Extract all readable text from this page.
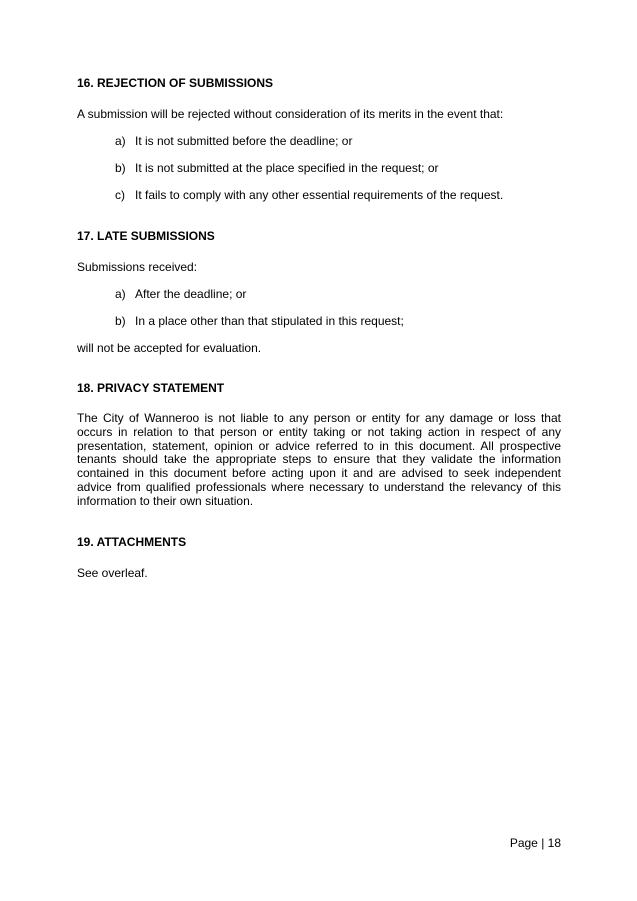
16. REJECTION OF SUBMISSIONS

A submission will be rejected without consideration of its merits in the event that:

a) It is not submitted before the deadline; or
b) It is not submitted at the place specified in the request; or
c) It fails to comply with any other essential requirements of the request.
17. LATE SUBMISSIONS

Submissions received:

a) After the deadline; or
b) In a place other than that stipulated in this request;

will not be accepted for evaluation.

18. PRIVACY STATEMENT

The City of Wanneroo is not liable to any person or entity for any damage or loss that occurs in relation to that person or entity taking or not taking action in respect of any presentation, statement, opinion or advice referred to in this document. All prospective tenants should take the appropriate steps to ensure that they validate the information contained in this document before acting upon it and are advised to seek independent advice from qualified professionals where necessary to understand the relevancy of this information to their own situation.

19. ATTACHMENTS

See overleaf.

Page | 18
